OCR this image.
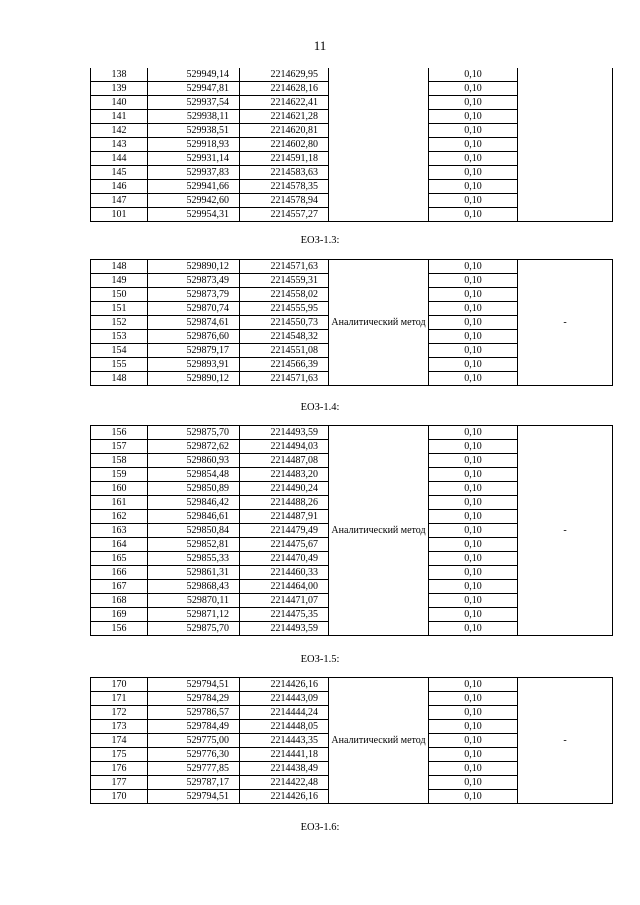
11
138	529949,14	2214629,95		0,10	
139	529947,81	2214628,16		0,10	
140	529937,54	2214622,41		0,10	
141	529938,11	2214621,28		0,10	
142	529938,51	2214620,81		0,10	
143	529918,93	2214602,80		0,10	
144	529931,14	2214591,18		0,10	
145	529937,83	2214583,63		0,10	
146	529941,66	2214578,35		0,10	
147	529942,60	2214578,94		0,10	
101	529954,31	2214557,27		0,10	
ЕОЗ-1.3:
148	529890,12	2214571,63	Аналитический метод	0,10	-
149	529873,49	2214559,31		0,10	
150	529873,79	2214558,02		0,10	
151	529870,74	2214555,95		0,10	
152	529874,61	2214550,73		0,10	
153	529876,60	2214548,32		0,10	
154	529879,17	2214551,08		0,10	
155	529893,91	2214566,39		0,10	
148	529890,12	2214571,63		0,10	
ЕОЗ-1.4:
156	529875,70	2214493,59	Аналитический метод	0,10	-
157	529872,62	2214494,03		0,10	
158	529860,93	2214487,08		0,10	
159	529854,48	2214483,20		0,10	
160	529850,89	2214490,24		0,10	
161	529846,42	2214488,26		0,10	
162	529846,61	2214487,91		0,10	
163	529850,84	2214479,49		0,10	
164	529852,81	2214475,67		0,10	
165	529855,33	2214470,49		0,10	
166	529861,31	2214460,33		0,10	
167	529868,43	2214464,00		0,10	
168	529870,11	2214471,07		0,10	
169	529871,12	2214475,35		0,10	
156	529875,70	2214493,59		0,10	
ЕОЗ-1.5:
170	529794,51	2214426,16	Аналитический метод	0,10	-
171	529784,29	2214443,09		0,10	
172	529786,57	2214444,24		0,10	
173	529784,49	2214448,05		0,10	
174	529775,00	2214443,35		0,10	
175	529776,30	2214441,18		0,10	
176	529777,85	2214438,49		0,10	
177	529787,17	2214422,48		0,10	
170	529794,51	2214426,16		0,10	
ЕОЗ-1.6:
